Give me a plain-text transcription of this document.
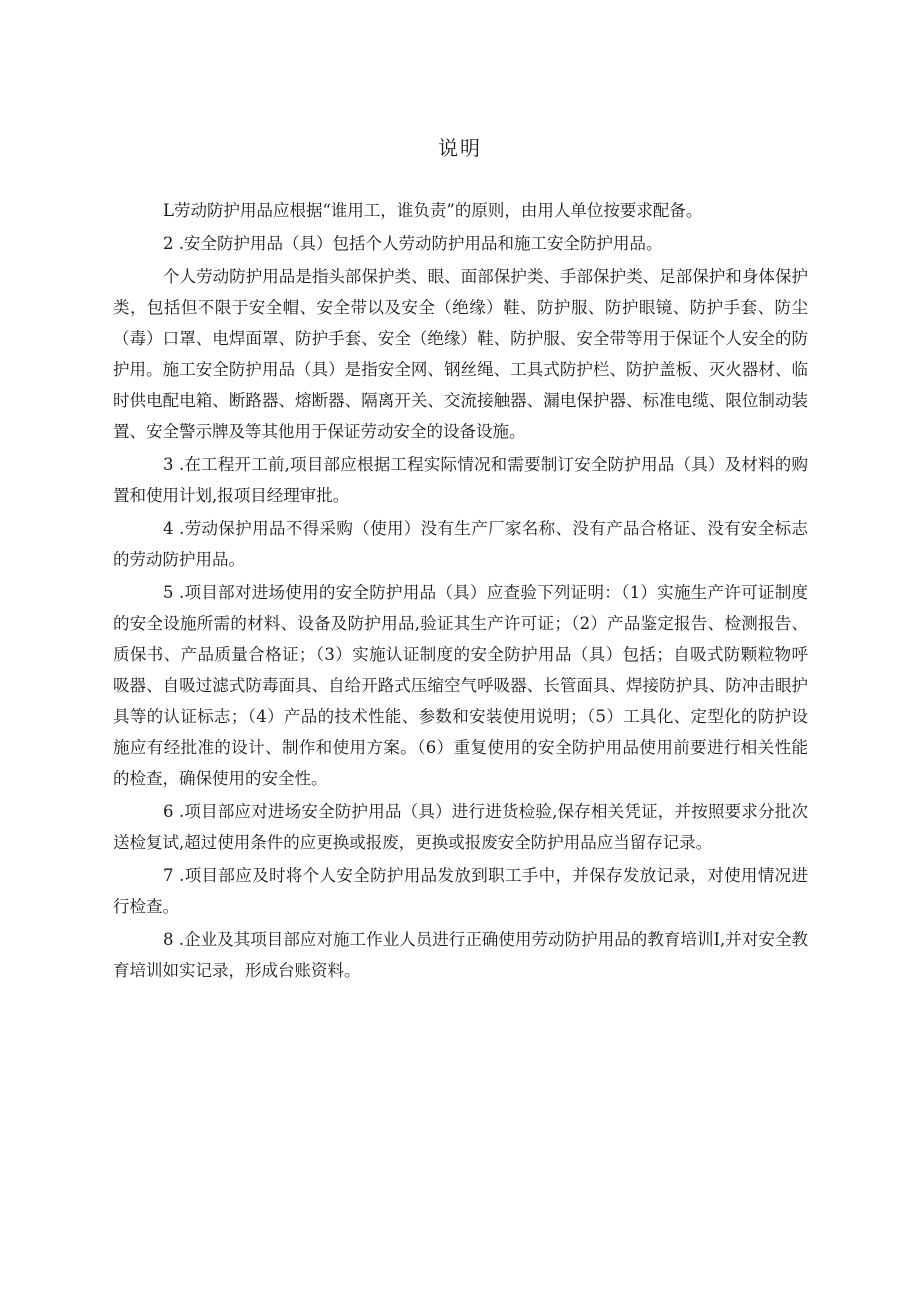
说明

L劳动防护用品应根据“谁用工，谁负责”的原则，由用人单位按要求配备。

2 .安全防护用品（具）包括个人劳动防护用品和施工安全防护用品。

个人劳动防护用品是指头部保护类、眼、面部保护类、手部保护类、足部保护和身体保护类，包括但不限于安全帽、安全带以及安全（绝缘）鞋、防护服、防护眼镜、防护手套、防尘（毒）口罩、电焊面罩、防护手套、安全（绝缘）鞋、防护服、安全带等用于保证个人安全的防护用。施工安全防护用品（具）是指安全网、钢丝绳、工具式防护栏、防护盖板、灭火器材、临时供电配电箱、断路器、熔断器、隔离开关、交流接触器、漏电保护器、标准电缆、限位制动装置、安全警示牌及等其他用于保证劳动安全的设备设施。

3 .在工程开工前,项目部应根据工程实际情况和需要制订安全防护用品（具）及材料的购置和使用计划,报项目经理审批。

4 .劳动保护用品不得采购（使用）没有生产厂家名称、没有产品合格证、没有安全标志的劳动防护用品。

5 .项目部对进场使用的安全防护用品（具）应查验下列证明：（1）实施生产许可证制度的安全设施所需的材料、设备及防护用品,验证其生产许可证；（2）产品鉴定报告、检测报告、质保书、产品质量合格证；（3）实施认证制度的安全防护用品（具）包括；自吸式防颗粒物呼吸器、自吸过滤式防毒面具、自给开路式压缩空气呼吸器、长管面具、焊接防护具、防冲击眼护具等的认证标志；（4）产品的技术性能、参数和安装使用说明；（5）工具化、定型化的防护设施应有经批准的设计、制作和使用方案。（6）重复使用的安全防护用品使用前要进行相关性能的检查，确保使用的安全性。

6 .项目部应对进场安全防护用品（具）进行进货检验,保存相关凭证，并按照要求分批次送检复试,超过使用条件的应更换或报废，更换或报废安全防护用品应当留存记录。

7 .项目部应及时将个人安全防护用品发放到职工手中，并保存发放记录，对使用情况进行检查。

8 .企业及其项目部应对施工作业人员进行正确使用劳动防护用品的教育培训I,并对安全教育培训如实记录，形成台账资料。
